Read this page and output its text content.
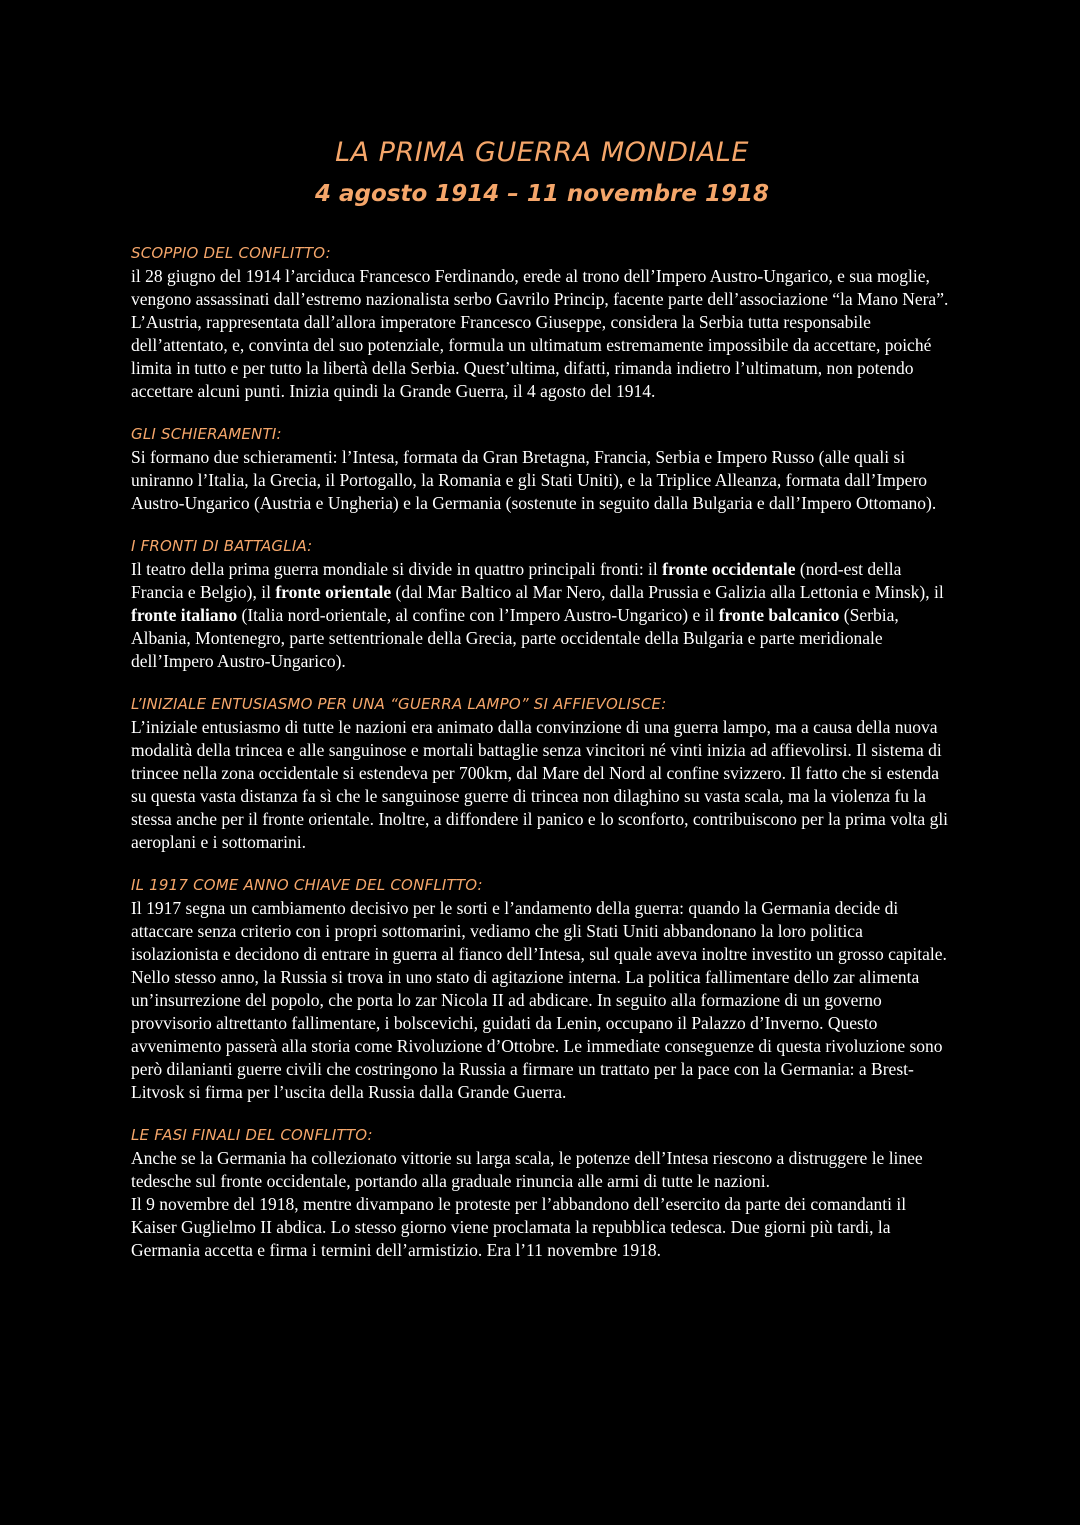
LA PRIMA GUERRA MONDIALE
4 agosto 1914 – 11 novembre 1918
SCOPPIO DEL CONFLITTO:

il 28 giugno del 1914 l’arciduca Francesco Ferdinando, erede al trono dell’Impero Austro-Ungarico, e sua moglie, vengono assassinati dall’estremo nazionalista serbo Gavrilo Princip, facente parte dell’associazione “la Mano Nera”. L’Austria, rappresentata dall’allora imperatore Francesco Giuseppe, considera la Serbia tutta responsabile dell’attentato, e, convinta del suo potenziale, formula un ultimatum estremamente impossibile da accettare, poiché limita in tutto e per tutto la libertà della Serbia. Quest’ultima, difatti, rimanda indietro l’ultimatum, non potendo accettare alcuni punti. Inizia quindi la Grande Guerra, il 4 agosto del 1914.

GLI SCHIERAMENTI:

Si formano due schieramenti: l’Intesa, formata da Gran Bretagna, Francia, Serbia e Impero Russo (alle quali si uniranno l’Italia, la Grecia, il Portogallo, la Romania e gli Stati Uniti), e la Triplice Alleanza, formata dall’Impero Austro-Ungarico (Austria e Ungheria) e la Germania (sostenute in seguito dalla Bulgaria e dall’Impero Ottomano).

I FRONTI DI BATTAGLIA:

Il teatro della prima guerra mondiale si divide in quattro principali fronti: il fronte occidentale (nord-est della Francia e Belgio), il fronte orientale (dal Mar Baltico al Mar Nero, dalla Prussia e Galizia alla Lettonia e Minsk), il fronte italiano (Italia nord-orientale, al confine con l’Impero Austro-Ungarico) e il fronte balcanico (Serbia, Albania, Montenegro, parte settentrionale della Grecia, parte occidentale della Bulgaria e parte meridionale dell’Impero Austro-Ungarico).

L’INIZIALE ENTUSIASMO PER UNA “GUERRA LAMPO” SI AFFIEVOLISCE:

L’iniziale entusiasmo di tutte le nazioni era animato dalla convinzione di una guerra lampo, ma a causa della nuova modalità della trincea e alle sanguinose e mortali battaglie senza vincitori né vinti inizia ad affievolirsi. Il sistema di trincee nella zona occidentale si estendeva per 700km, dal Mare del Nord al confine svizzero. Il fatto che si estenda su questa vasta distanza fa sì che le sanguinose guerre di trincea non dilaghino su vasta scala, ma la violenza fu la stessa anche per il fronte orientale. Inoltre, a diffondere il panico e lo sconforto, contribuiscono per la prima volta gli aeroplani e i sottomarini.

IL 1917 COME ANNO CHIAVE DEL CONFLITTO:

Il 1917 segna un cambiamento decisivo per le sorti e l’andamento della guerra: quando la Germania decide di attaccare senza criterio con i propri sottomarini, vediamo che gli Stati Uniti abbandonano la loro politica isolazionista e decidono di entrare in guerra al fianco dell’Intesa, sul quale aveva inoltre investito un grosso capitale.

Nello stesso anno, la Russia si trova in uno stato di agitazione interna. La politica fallimentare dello zar alimenta un’insurrezione del popolo, che porta lo zar Nicola II ad abdicare. In seguito alla formazione di un governo provvisorio altrettanto fallimentare, i bolscevichi, guidati da Lenin, occupano il Palazzo d’Inverno. Questo avvenimento passerà alla storia come Rivoluzione d’Ottobre. Le immediate conseguenze di questa rivoluzione sono però dilanianti guerre civili che costringono la Russia a firmare un trattato per la pace con la Germania: a Brest-Litvosk si firma per l’uscita della Russia dalla Grande Guerra.

LE FASI FINALI DEL CONFLITTO:

Anche se la Germania ha collezionato vittorie su larga scala, le potenze dell’Intesa riescono a distruggere le linee tedesche sul fronte occidentale, portando alla graduale rinuncia alle armi di tutte le nazioni.

Il 9 novembre del 1918, mentre divampano le proteste per l’abbandono dell’esercito da parte dei comandanti il Kaiser Guglielmo II abdica. Lo stesso giorno viene proclamata la repubblica tedesca. Due giorni più tardi, la Germania accetta e firma i termini dell’armistizio. Era l’11 novembre 1918.
